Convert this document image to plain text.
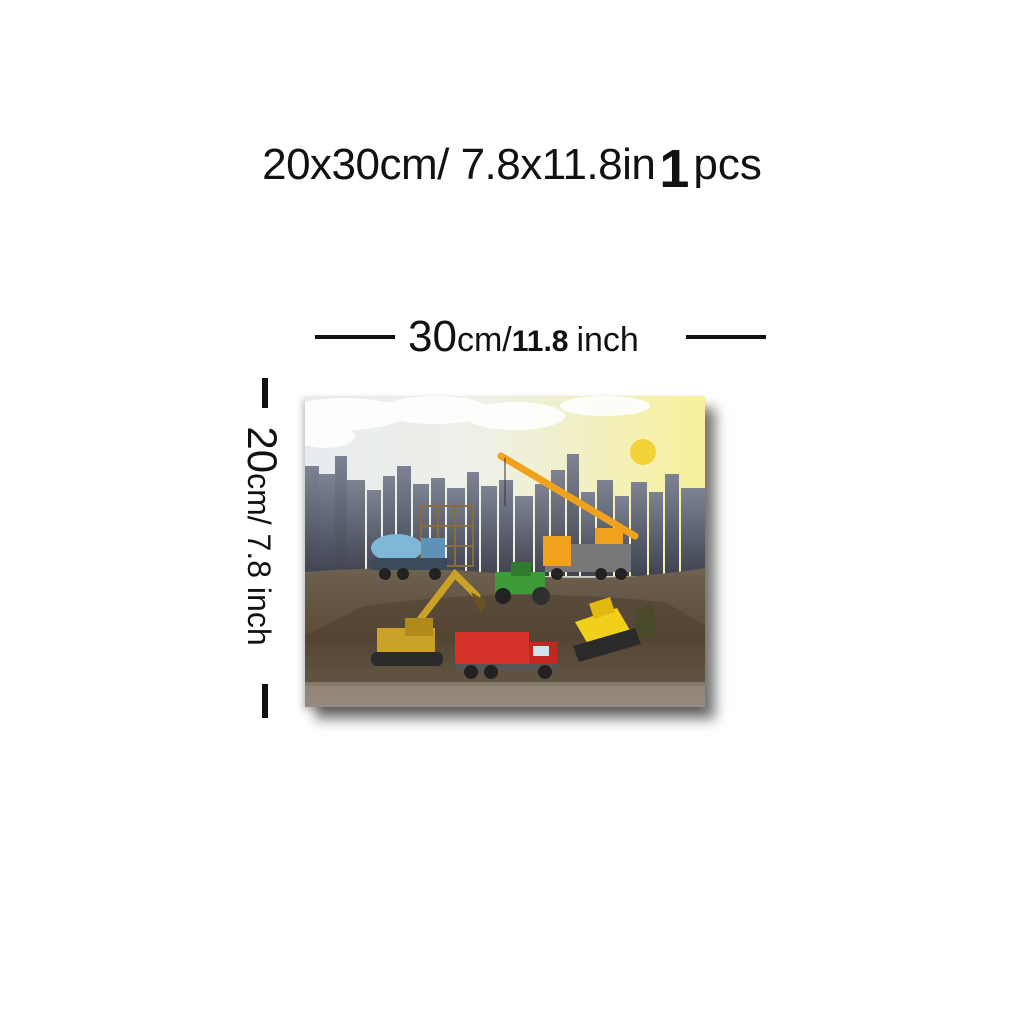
20x30cm/ 7.8x11.8in1pcs
30cm/11.8 inch
20cm/ 7.8 inch
